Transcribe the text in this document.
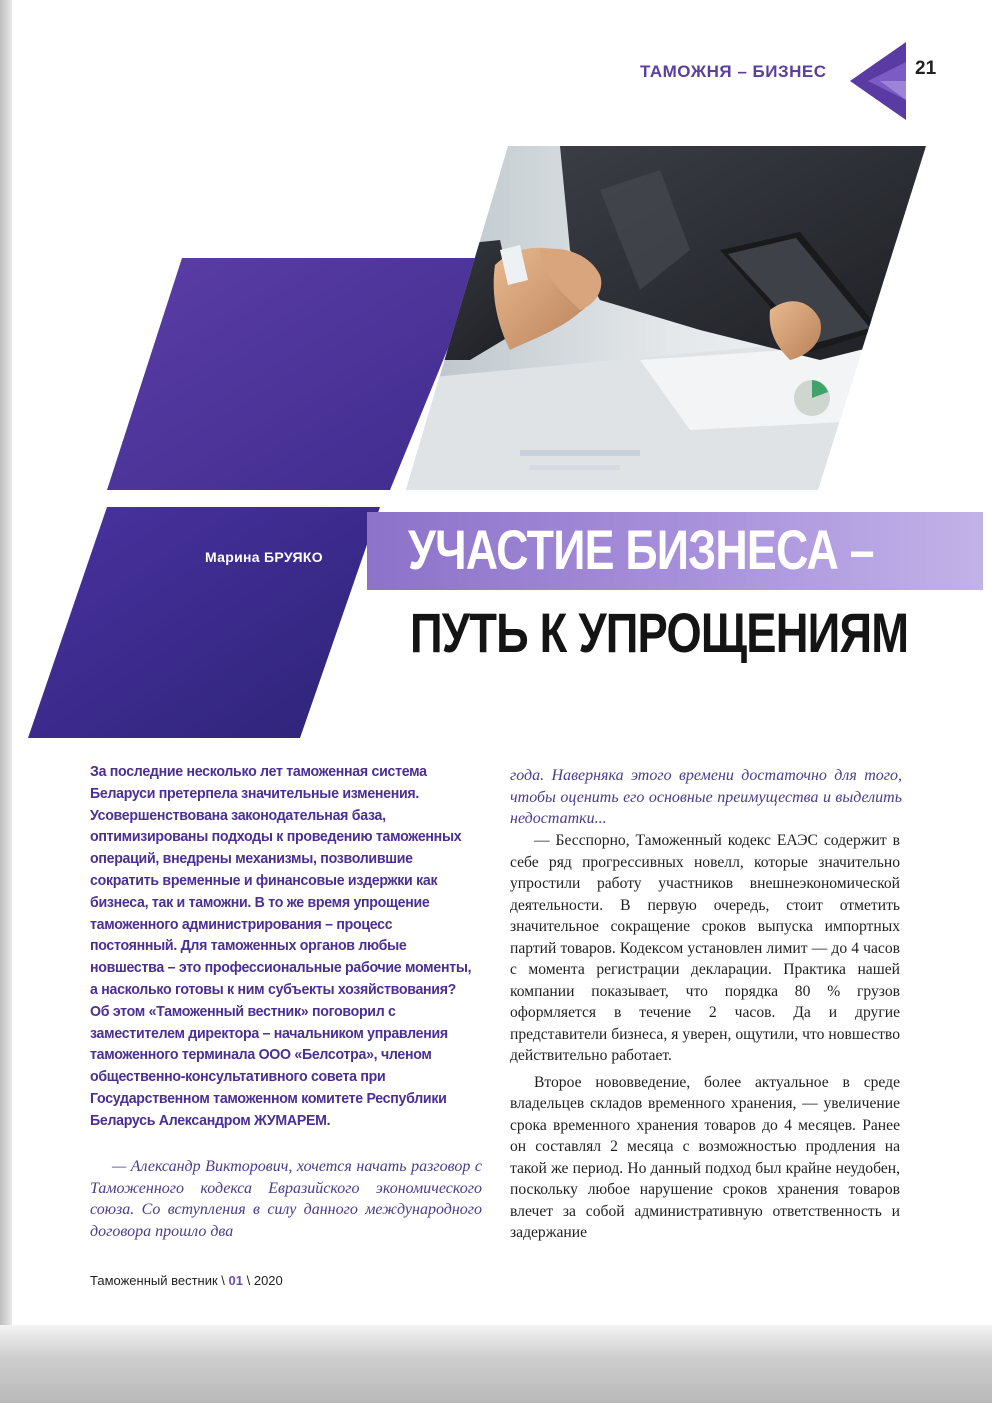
ТАМОЖНЯ – БИЗНЕС	21
Марина БРУЯКО УЧАСТИЕ БИЗНЕСА –
ПУТЬ К УПРОЩЕНИЯМ
За последние несколько лет таможенная система Беларуси претерпела значительные изменения. Усовершенствована законодательная база, оптимизированы подходы к проведению таможенных операций, внедрены механизмы, позволившие сократить временные и финансовые издержки как бизнеса, так и таможни. В то же время упрощение таможенного администрирования – процесс постоянный. Для таможенных органов любые новшества – это профессиональные рабочие моменты, а насколько готовы к ним субъекты хозяйствования? Об этом «Таможенный вестник» поговорил с заместителем директора – начальником управления таможенного терминала ООО «Белсотра», членом общественно-консультативного совета при Государственном таможенном комитете Республики Беларусь Александром ЖУМАРЕМ.
— Александр Викторович, хочется начать разговор с Таможенного кодекса Евразийского экономического союза. Со вступления в силу данного международного договора прошло два
года. Наверняка этого времени достаточно для того, чтобы оценить его основные преимущества и выделить недостатки...

— Бесспорно, Таможенный кодекс ЕАЭС содержит в себе ряд прогрессивных новелл, которые значительно упростили работу участников внешнеэкономической деятельности. В первую очередь, стоит отметить значительное сокращение сроков выпуска импортных партий товаров. Кодексом установлен лимит — до 4 часов с момента регистрации декларации. Практика нашей компании показывает, что порядка 80 % грузов оформляется в течение 2 часов. Да и другие представители бизнеса, я уверен, ощутили, что новшество действительно работает.

Второе нововведение, более актуальное в среде владельцев складов временного хранения, — увеличение срока временного хранения товаров до 4 месяцев. Ранее он составлял 2 месяца с возможностью продления на такой же период. Но данный подход был крайне неудобен, поскольку любое нарушение сроков хранения товаров влечет за собой административную ответственность и задержание

Таможенный вестник \ 01 \ 2020
